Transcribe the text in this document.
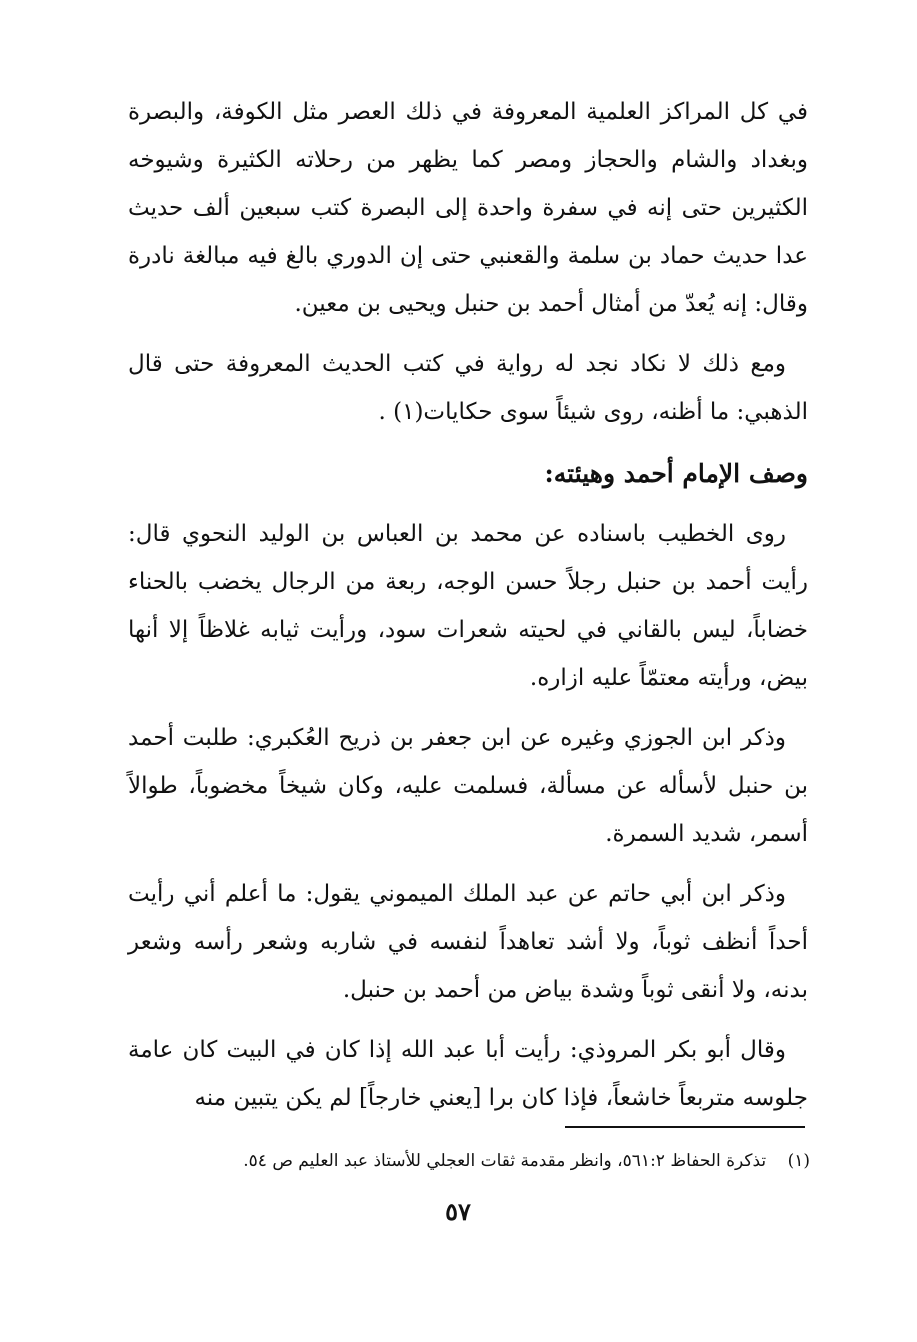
في كل المراكز العلمية المعروفة في ذلك العصر مثل الكوفة، والبصرة وبغداد والشام والحجاز ومصر كما يظهر من رحلاته الكثيرة وشيوخه الكثيرين حتى إنه في سفرة واحدة إلى البصرة كتب سبعين ألف حديث عدا حديث حماد بن سلمة والقعنبي حتى إن الدوري بالغ فيه مبالغة نادرة وقال: إنه يُعدّ من أمثال أحمد بن حنبل ويحيى بن معين.

ومع ذلك لا نكاد نجد له رواية في كتب الحديث المعروفة حتى قال الذهبي: ما أظنه، روى شيئاً سوى حكايات(١) .

وصف الإمام أحمد وهيئته:

روى الخطيب باسناده عن محمد بن العباس بن الوليد النحوي قال: رأيت أحمد بن حنبل رجلاً حسن الوجه، ربعة من الرجال يخضب بالحناء خضاباً، ليس بالقاني في لحيته شعرات سود، ورأيت ثيابه غلاظاً إلا أنها بيض، ورأيته معتمّاً عليه ازاره.

وذكر ابن الجوزي وغيره عن ابن جعفر بن ذريح العُكبري: طلبت أحمد بن حنبل لأسأله عن مسألة، فسلمت عليه، وكان شيخاً مخضوباً، طوالاً أسمر، شديد السمرة.

وذكر ابن أبي حاتم عن عبد الملك الميموني يقول: ما أعلم أني رأيت أحداً أنظف ثوباً، ولا أشد تعاهداً لنفسه في شاربه وشعر رأسه وشعر بدنه، ولا أنقى ثوباً وشدة بياض من أحمد بن حنبل.

وقال أبو بكر المروذي: رأيت أبا عبد الله إذا كان في البيت كان عامة جلوسه متربعاً خاشعاً، فإذا كان برا [يعني خارجاً] لم يكن يتبين منه

(١) تذكرة الحفاظ ٥٦١:٢، وانظر مقدمة ثقات العجلي للأستاذ عبد العليم ص ٥٤.
٥٧
